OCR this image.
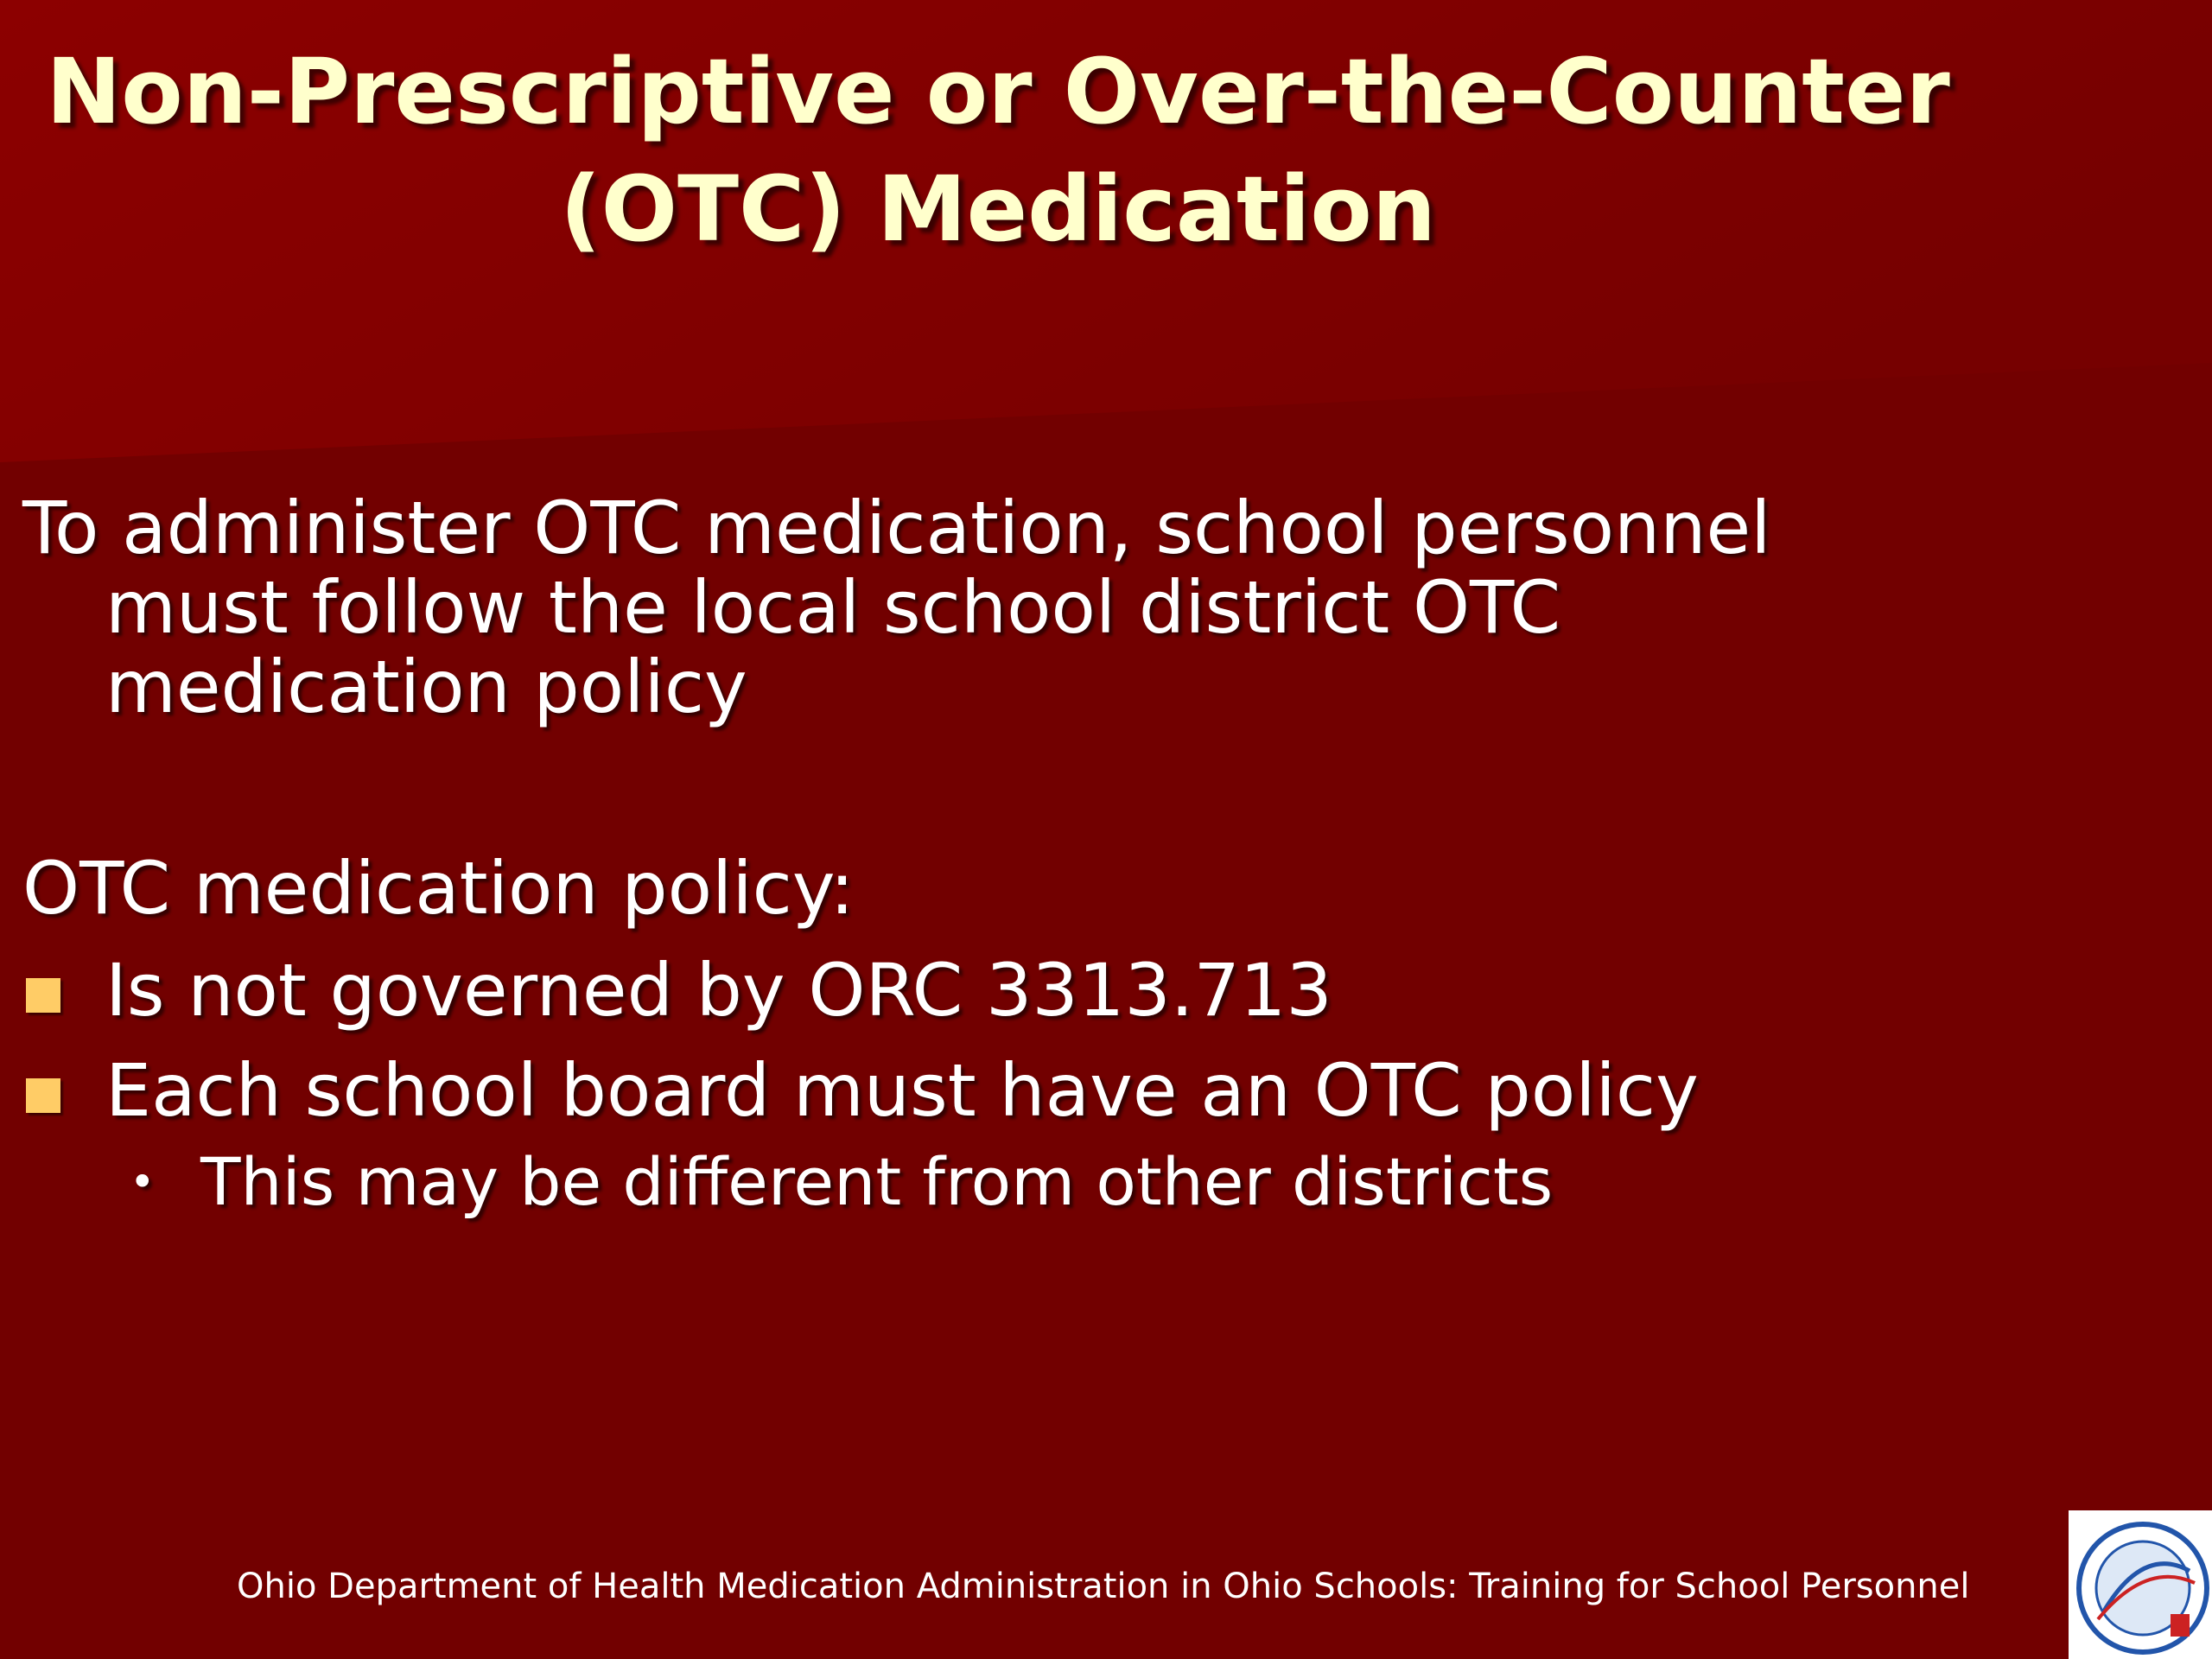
Non-Prescriptive or Over-the-Counter
(OTC) Medication
To administer OTC medication, school personnel
must follow the local school district OTC
medication policy
OTC medication policy:
Is not governed by ORC 3313.713
Each school board must have an OTC policy
• This may be different from other districts
Ohio Department of Health Medication Administration in Ohio Schools: Training for School Personnel
